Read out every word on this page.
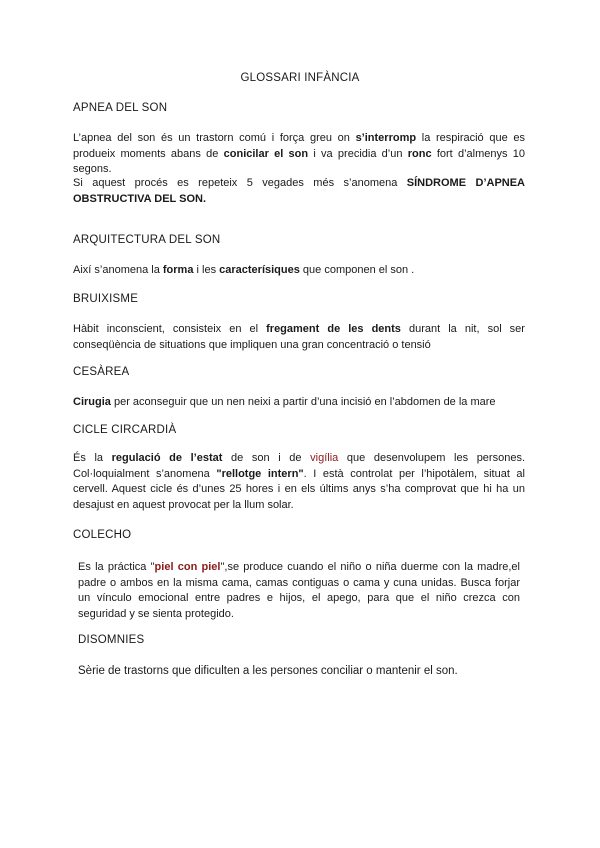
GLOSSARI INFÀNCIA
APNEA DEL SON
L’apnea del son és un trastorn comú i força greu on s’interromp la respiració que es produeix moments abans de conicilar el son i va precidia d’un ronc fort d’almenys 10 segons.
Si aquest procés es repeteix 5 vegades més s’anomena SÍNDROME D’APNEA OBSTRUCTIVA DEL SON.
ARQUITECTURA DEL SON
Així s’anomena la forma i les caracterísiques que componen el son .
BRUIXISME
Hàbit inconscient, consisteix en el fregament de les dents durant la nit, sol ser conseqüència de situations que impliquen una gran concentració o tensió
CESÀREA
Cirugia per aconseguir que un nen neixi a partir d’una incisió en l’abdomen de la mare
CICLE CIRCARDIÀ
És la regulació de l’estat de son i de vigília que desenvolupem les persones. Col·loquialment s’anomena "rellotge intern". I està controlat per l’hipotàlem, situat al cervell. Aquest cicle és d’unes 25 hores i en els últims anys s’ha comprovat que hi ha un desajust en aquest provocat per la llum solar.
COLECHO
Es la práctica "piel con piel",se produce cuando el niño o niña duerme con la madre,el padre o ambos en la misma cama, camas contiguas o cama y cuna unidas. Busca forjar un vínculo emocional entre padres e hijos, el apego, para que el niño crezca con seguridad y se sienta protegido.
DISOMNIES
Sèrie de trastorns que dificulten a les persones conciliar o mantenir el son.
